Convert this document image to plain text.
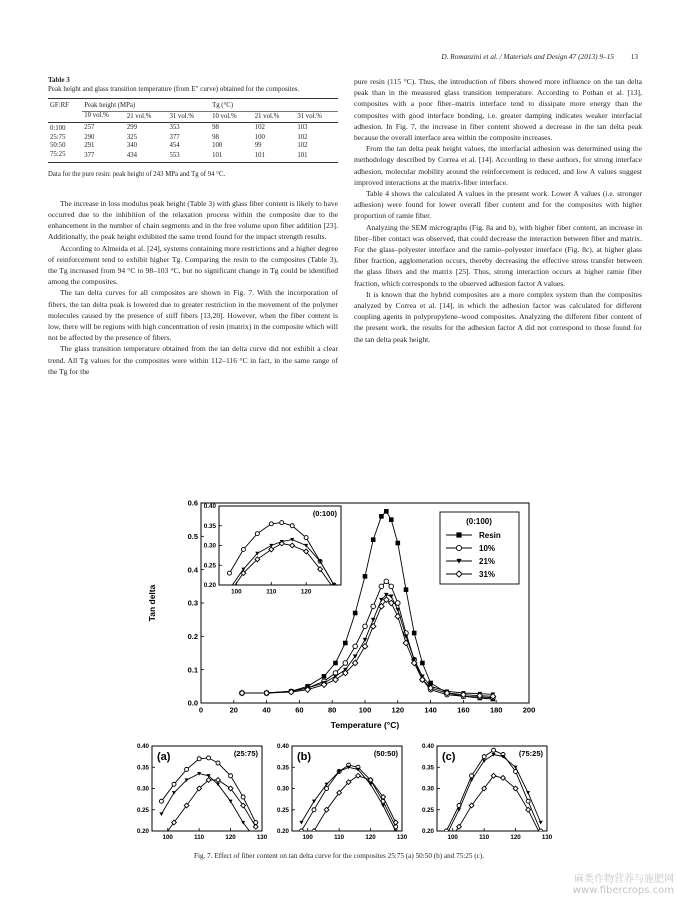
D. Romanzini et al. / Materials and Design 47 (2013) 9–15 13
Table 3
Peak height and glass transition temperature (from E″ curve) obtained for the composites.
GF:RF	Peak height (MPa)			Tg (°C)		
	10 vol.%	21 vol.%	31 vol.%	10 vol.%	21 vol.%	31 vol.%
0:100	257	299	353	98	102	103
25:75	290	325	377	98	100	102
50:50	291	340	454	100	99	102
75:25	377	434	553	101	101	101
Data for the pure resin: peak height of 243 MPa and Tg of 94 °C.

The increase in loss modulus peak height (Table 3) with glass fiber content is likely to have occurred due to the inhibition of the relaxation process within the composite due to the enhancement in the number of chain segments and in the free volume upon fiber addition [23]. Additionally, the peak height exhibited the same trend found for the impact strength results.

According to Almeida et al. [24], systems containing more restrictions and a higher degree of reinforcement tend to exhibit higher Tg. Comparing the resin to the composites (Table 3), the Tg increased from 94 °C to 98–103 °C, but no significant change in Tg could be identified among the composites.

The tan delta curves for all composites are shown in Fig. 7. With the incorporation of fibers, the tan delta peak is lowered due to greater restriction in the movement of the polymer molecules caused by the presence of stiff fibers [13,20]. However, when the fiber content is low, there will be regions with high concentration of resin (matrix) in the composite which will not be affected by the presence of fibers.

The glass transition temperature obtained from the tan delta curve did not exhibit a clear trend. All Tg values for the composites were within 112–116 °C in fact, in the same range of the Tg for the

pure resin (115 °C). Thus, the introduction of fibers showed more influence on the tan delta peak than in the measured glass transition temperature. According to Pothan et al. [13], composites with a poor fiber–matrix interface tend to dissipate more energy than the composites with good interface bonding, i.e. greater damping indicates weaker interfacial adhesion. In Fig. 7, the increase in fiber content showed a decrease in the tan delta peak because the overall interface area within the composite increases.

From the tan delta peak height values, the interfacial adhesion was determined using the methodology described by Correa et al. [14]. According to these authors, for strong interface adhesion, molecular mobility around the reinforcement is reduced, and low A values suggest improved interactions at the matrix-fiber interface.

Table 4 shows the calculated A values in the present work. Lower A values (i.e. stronger adhesion) were found for lower overall fiber content and for the composites with higher proportion of ramie fiber.

Analyzing the SEM micrographs (Fig. 8a and b), with higher fiber content, an increase in fiber–fiber contact was observed, that could decrease the interaction between fiber and matrix. For the glass–polyester interface and the ramie–polyester interface (Fig. 8c), at higher glass fiber fraction, agglomeration occurs, thereby decreasing the effective stress transfer between the glass fibers and the matrix [25]. Thus, strong interaction occurs at higher ramie fiber fraction, which corresponds to the observed adhesion factor A values.

It is known that the hybrid composites are a more complex system than the composites analyzed by Correa et al. [14], in which the adhesion factor was calculated for different coupling agents in polypropylene–wood composites. Analyzing the different fiber content of the present work, the results for the adhesion factor A did not correspond to those found for the tan delta peak height.

0	20	40	60	80	100	120	140	160	180	200
0.0
0.1
0.2
0.3
0.4
0.5
0.6
Temperature (°C)
Tan delta
(0:100)
Resin
10%
21%
31%
100	110	120
0.20
0.25
0.30
0.35
0.40
(0:100)
100	110	120	130
0.20
0.25
0.30
0.35
0.40
(a)	(25:75)
100	110	120	130
0.20
0.25
0.30
0.35
0.40
(b)	(50:50)
100	110	120	130
0.20
0.25
0.30
0.35
0.40
(c)	(75:25)
Fig. 7. Effect of fiber content on tan delta curve for the composites 25:75 (a) 50:50 (b) and 75:25 (c).
麻类作物营养与施肥网
www.fibercrops.com
